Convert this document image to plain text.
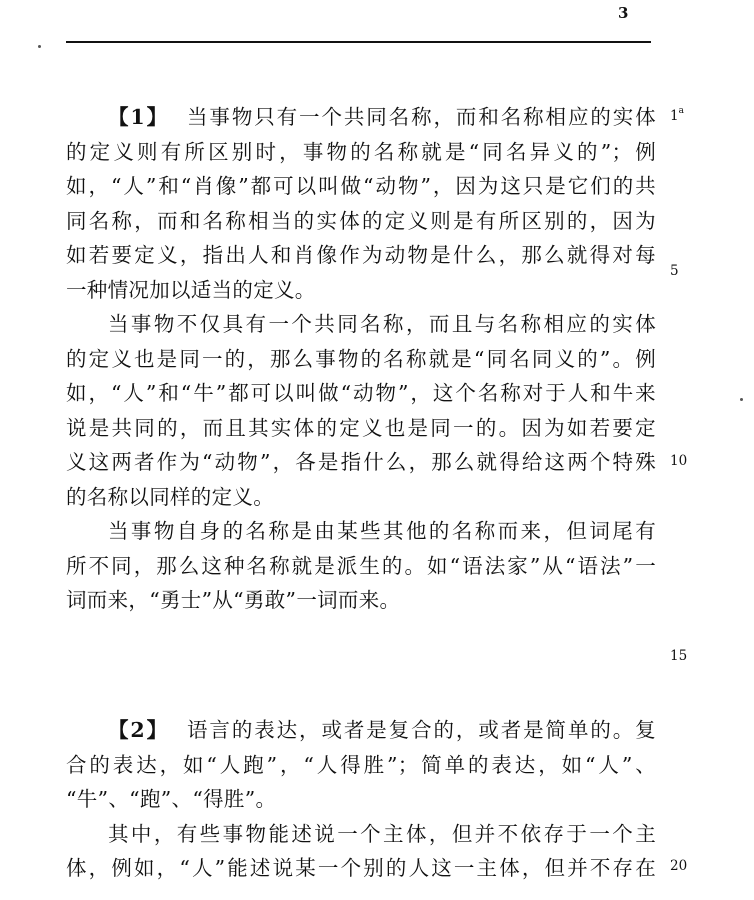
3
【1】 当事物只有一个共同名称，而和名称相应的实体
的定义则有所区别时，事物的名称就是“同名异义的”；例
如，“人”和“肖像”都可以叫做“动物”，因为这只是它们的共
同名称，而和名称相当的实体的定义则是有所区别的，因为
如若要定义，指出人和肖像作为动物是什么，那么就得对每
一种情况加以适当的定义。
当事物不仅具有一个共同名称，而且与名称相应的实体
的定义也是同一的，那么事物的名称就是“同名同义的”。例
如，“人”和“牛”都可以叫做“动物”，这个名称对于人和牛来
说是共同的，而且其实体的定义也是同一的。因为如若要定
义这两者作为“动物”，各是指什么，那么就得给这两个特殊
的名称以同样的定义。
当事物自身的名称是由某些其他的名称而来，但词尾有
所不同，那么这种名称就是派生的。如“语法家”从“语法”一
词而来，“勇士”从“勇敢”一词而来。
【2】 语言的表达，或者是复合的，或者是简单的。复
合的表达，如“人跑”，“人得胜”；简单的表达，如“人”、
“牛”、“跑”、“得胜”。
其中，有些事物能述说一个主体，但并不依存于一个主
体，例如，“人”能述说某一个别的人这一主体，但并不存在
1$^a$
5
10
15
20
